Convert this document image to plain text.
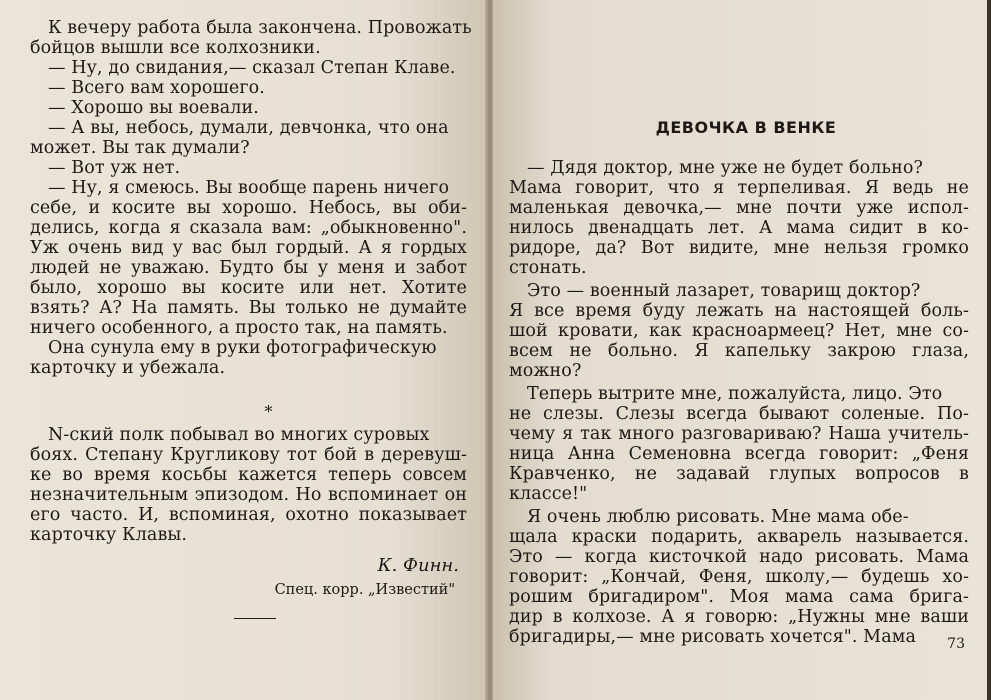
К вечеру работа была закончена. Провожать
бойцов вышли все колхозники.
— Ну, до свидания,— сказал Степан Клаве.
— Всего вам хорошего.
— Хорошо вы воевали.
— А вы, небось, думали, девчонка, что она
может. Вы так думали?
— Вот уж нет.
— Ну, я смеюсь. Вы вообще парень ничего
себе, и косите вы хорошо. Небось, вы оби-
делись, когда я сказала вам: „обыкновенно".
Уж очень вид у вас был гордый. А я гордых
людей не уважаю. Будто бы у меня и забот
было, хорошо вы косите или нет. Хотите
взять? А? На память. Вы только не думайте
ничего особенного, а просто так, на память.
Она сунула ему в руки фотографическую
карточку и убежала.
*
N-ский полк побывал во многих суровых
боях. Степану Кругликову тот бой в деревуш-
ке во время косьбы кажется теперь совсем
незначительным эпизодом. Но вспоминает он
его часто. И, вспоминая, охотно показывает
карточку Клавы.
К. Финн.
Спец. корр. „Известий"
ДЕВОЧКА В ВЕНКЕ
— Дядя доктор, мне уже не будет больно?
Мама говорит, что я терпеливая. Я ведь не
маленькая девочка,— мне почти уже испол-
нилось двенадцать лет. А мама сидит в ко-
ридоре, да? Вот видите, мне нельзя громко
стонать.
Это — военный лазарет, товарищ доктор?
Я все время буду лежать на настоящей боль-
шой кровати, как красноармеец? Нет, мне со-
всем не больно. Я капельку закрою глаза,
можно?
Теперь вытрите мне, пожалуйста, лицо. Это
не слезы. Слезы всегда бывают соленые. По-
чему я так много разговариваю? Наша учитель-
ница Анна Семеновна всегда говорит: „Феня
Кравченко, не задавай глупых вопросов в
классе!"
Я очень люблю рисовать. Мне мама обе-
щала краски подарить, акварель называется.
Это — когда кисточкой надо рисовать. Мама
говорит: „Кончай, Феня, школу,— будешь хо-
рошим бригадиром". Моя мама сама брига-
дир в колхозе. А я говорю: „Нужны мне ваши
бригадиры,— мне рисовать хочется". Мама	73
